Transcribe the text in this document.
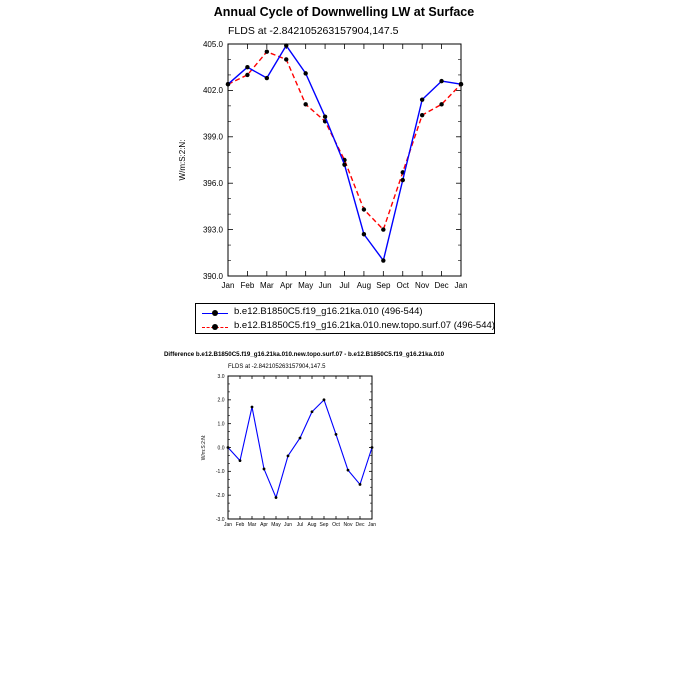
Annual Cycle of Downwelling LW at Surface
FLDS at -2.842105263157904,147.5
Jan Feb Mar Apr May Jun Jul Aug Sep Oct Nov Dec Jan
390.0
393.0
396.0
399.0
402.0
405.0
W/m:S:2:N:
Jan Feb Mar Apr May Jun Jul Aug Sep Oct Nov Dec Jan
-3.0
-2.0
-1.0
0.0
1.0
2.0
3.0
W/m:S:2:N:
b.e12.B1850C5.f19_g16.21ka.010 (496-544)
b.e12.B1850C5.f19_g16.21ka.010.new.topo.surf.07 (496-544)
Difference b.e12.B1850C5.f19_g16.21ka.010.new.topo.surf.07 - b.e12.B1850C5.f19_g16.21ka.010
FLDS at -2.842105263157904,147.5
